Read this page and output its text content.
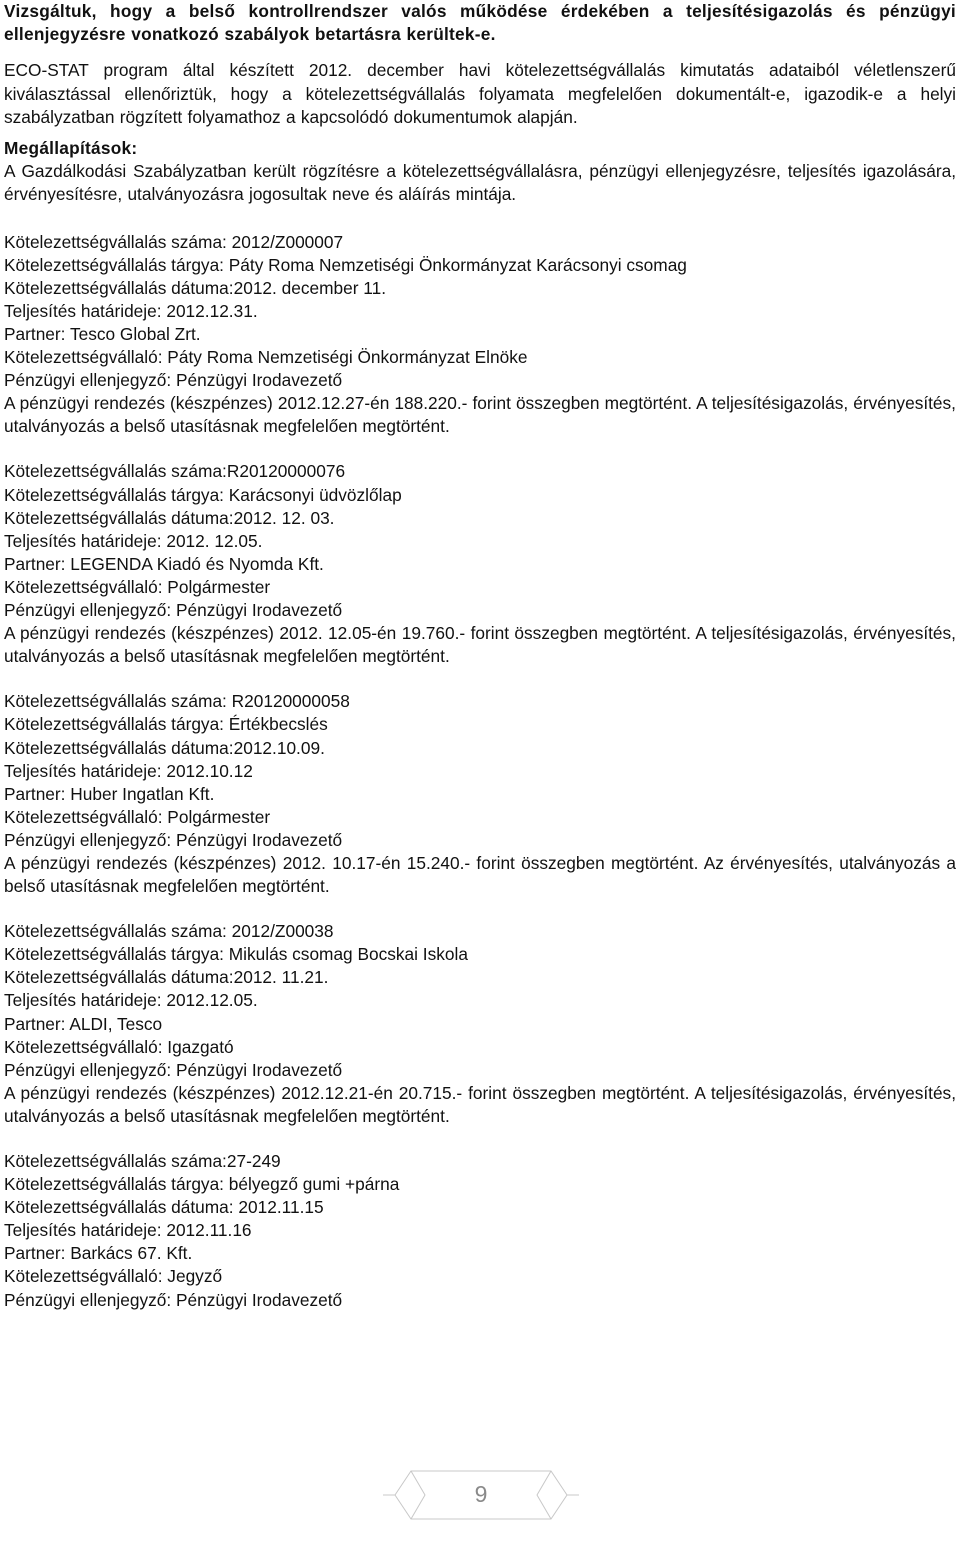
Vizsgáltuk, hogy a belső kontrollrendszer valós működése érdekében a teljesítésigazolás és pénzügyi ellenjegyzésre vonatkozó szabályok betartásra kerültek-e.

ECO-STAT program által készített 2012. december havi kötelezettségvállalás kimutatás adataiból véletlenszerű kiválasztással ellenőriztük, hogy a kötelezettségvállalás folyamata megfelelően dokumentált-e, igazodik-e a helyi szabályzatban rögzített folyamathoz a kapcsolódó dokumentumok alapján.

Megállapítások:

A Gazdálkodási Szabályzatban került rögzítésre a kötelezettségvállalásra, pénzügyi ellenjegyzésre, teljesítés igazolására, érvényesítésre, utalványozásra jogosultak neve és aláírás mintája.

Kötelezettségvállalás száma: 2012/Z000007
Kötelezettségvállalás tárgya: Páty Roma Nemzetiségi Önkormányzat Karácsonyi csomag
Kötelezettségvállalás dátuma:2012. december 11.
Teljesítés határideje: 2012.12.31.
Partner: Tesco Global Zrt.
Kötelezettségvállaló: Páty Roma Nemzetiségi Önkormányzat Elnöke
Pénzügyi ellenjegyző: Pénzügyi Irodavezető
A pénzügyi rendezés (készpénzes) 2012.12.27-én 188.220.- forint összegben megtörtént. A teljesítésigazolás, érvényesítés, utalványozás a belső utasításnak megfelelően megtörtént.
Kötelezettségvállalás száma:R20120000076
Kötelezettségvállalás tárgya: Karácsonyi üdvözlőlap
Kötelezettségvállalás dátuma:2012. 12. 03.
Teljesítés határideje: 2012. 12.05.
Partner: LEGENDA Kiadó és Nyomda Kft.
Kötelezettségvállaló: Polgármester
Pénzügyi ellenjegyző: Pénzügyi Irodavezető
A pénzügyi rendezés (készpénzes) 2012. 12.05-én 19.760.- forint összegben megtörtént. A teljesítésigazolás, érvényesítés, utalványozás a belső utasításnak megfelelően megtörtént.
Kötelezettségvállalás száma: R20120000058
Kötelezettségvállalás tárgya: Értékbecslés
Kötelezettségvállalás dátuma:2012.10.09.
Teljesítés határideje: 2012.10.12
Partner: Huber Ingatlan Kft.
Kötelezettségvállaló: Polgármester
Pénzügyi ellenjegyző: Pénzügyi Irodavezető
A pénzügyi rendezés (készpénzes) 2012. 10.17-én 15.240.- forint összegben megtörtént. Az érvényesítés, utalványozás a belső utasításnak megfelelően megtörtént.
Kötelezettségvállalás száma: 2012/Z00038
Kötelezettségvállalás tárgya: Mikulás csomag Bocskai Iskola
Kötelezettségvállalás dátuma:2012. 11.21.
Teljesítés határideje: 2012.12.05.
Partner: ALDI, Tesco
Kötelezettségvállaló: Igazgató
Pénzügyi ellenjegyző: Pénzügyi Irodavezető
A pénzügyi rendezés (készpénzes) 2012.12.21-én 20.715.- forint összegben megtörtént. A teljesítésigazolás, érvényesítés, utalványozás a belső utasításnak megfelelően megtörtént.
Kötelezettségvállalás száma:27-249
Kötelezettségvállalás tárgya: bélyegző gumi +párna
Kötelezettségvállalás dátuma: 2012.11.15
Teljesítés határideje: 2012.11.16
Partner: Barkács 67. Kft.
Kötelezettségvállaló: Jegyző
Pénzügyi ellenjegyző: Pénzügyi Irodavezető
9
